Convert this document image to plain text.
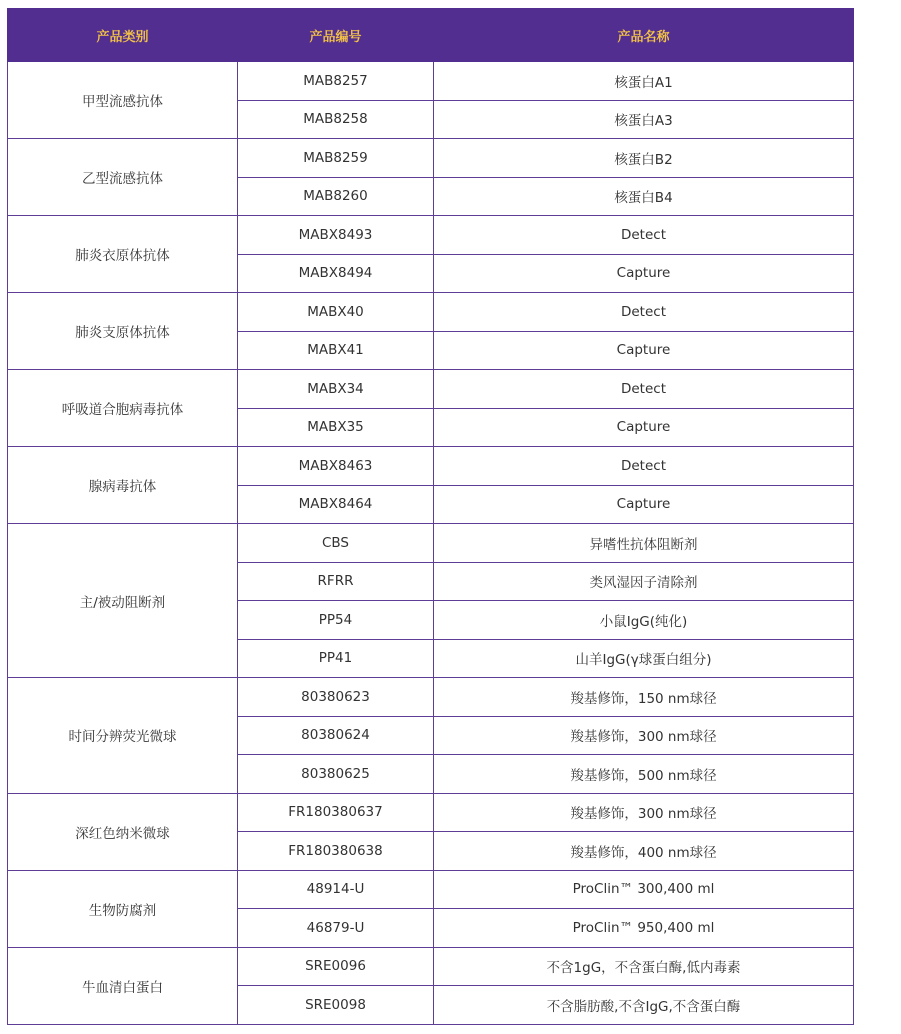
产品类别	产品编号	产品名称
甲型流感抗体	MAB8257	核蛋白A1
	MAB8258	核蛋白A3
乙型流感抗体	MAB8259	核蛋白B2
	MAB8260	核蛋白B4
肺炎衣原体抗体	MABX8493	Detect
	MABX8494	Capture
肺炎支原体抗体	MABX40	Detect
	MABX41	Capture
呼吸道合胞病毒抗体	MABX34	Detect
	MABX35	Capture
腺病毒抗体	MABX8463	Detect
	MABX8464	Capture
主/被动阻断剂	CBS	异嗜性抗体阻断剂
	RFRR	类风湿因子清除剂
	PP54	小鼠IgG(纯化)
	PP41	山羊IgG(γ球蛋白组分)
时间分辨荧光微球	80380623	羧基修饰，150 nm球径
	80380624	羧基修饰，300 nm球径
	80380625	羧基修饰，500 nm球径
深红色纳米微球	FR180380637	羧基修饰，300 nm球径
	FR180380638	羧基修饰，400 nm球径
生物防腐剂	48914-U	ProClin™ 300,400 ml
	46879-U	ProClin™ 950,400 ml
牛血清白蛋白	SRE0096	不含1gG，不含蛋白酶,低内毒素
	SRE0098	不含脂肪酸,不含IgG,不含蛋白酶
